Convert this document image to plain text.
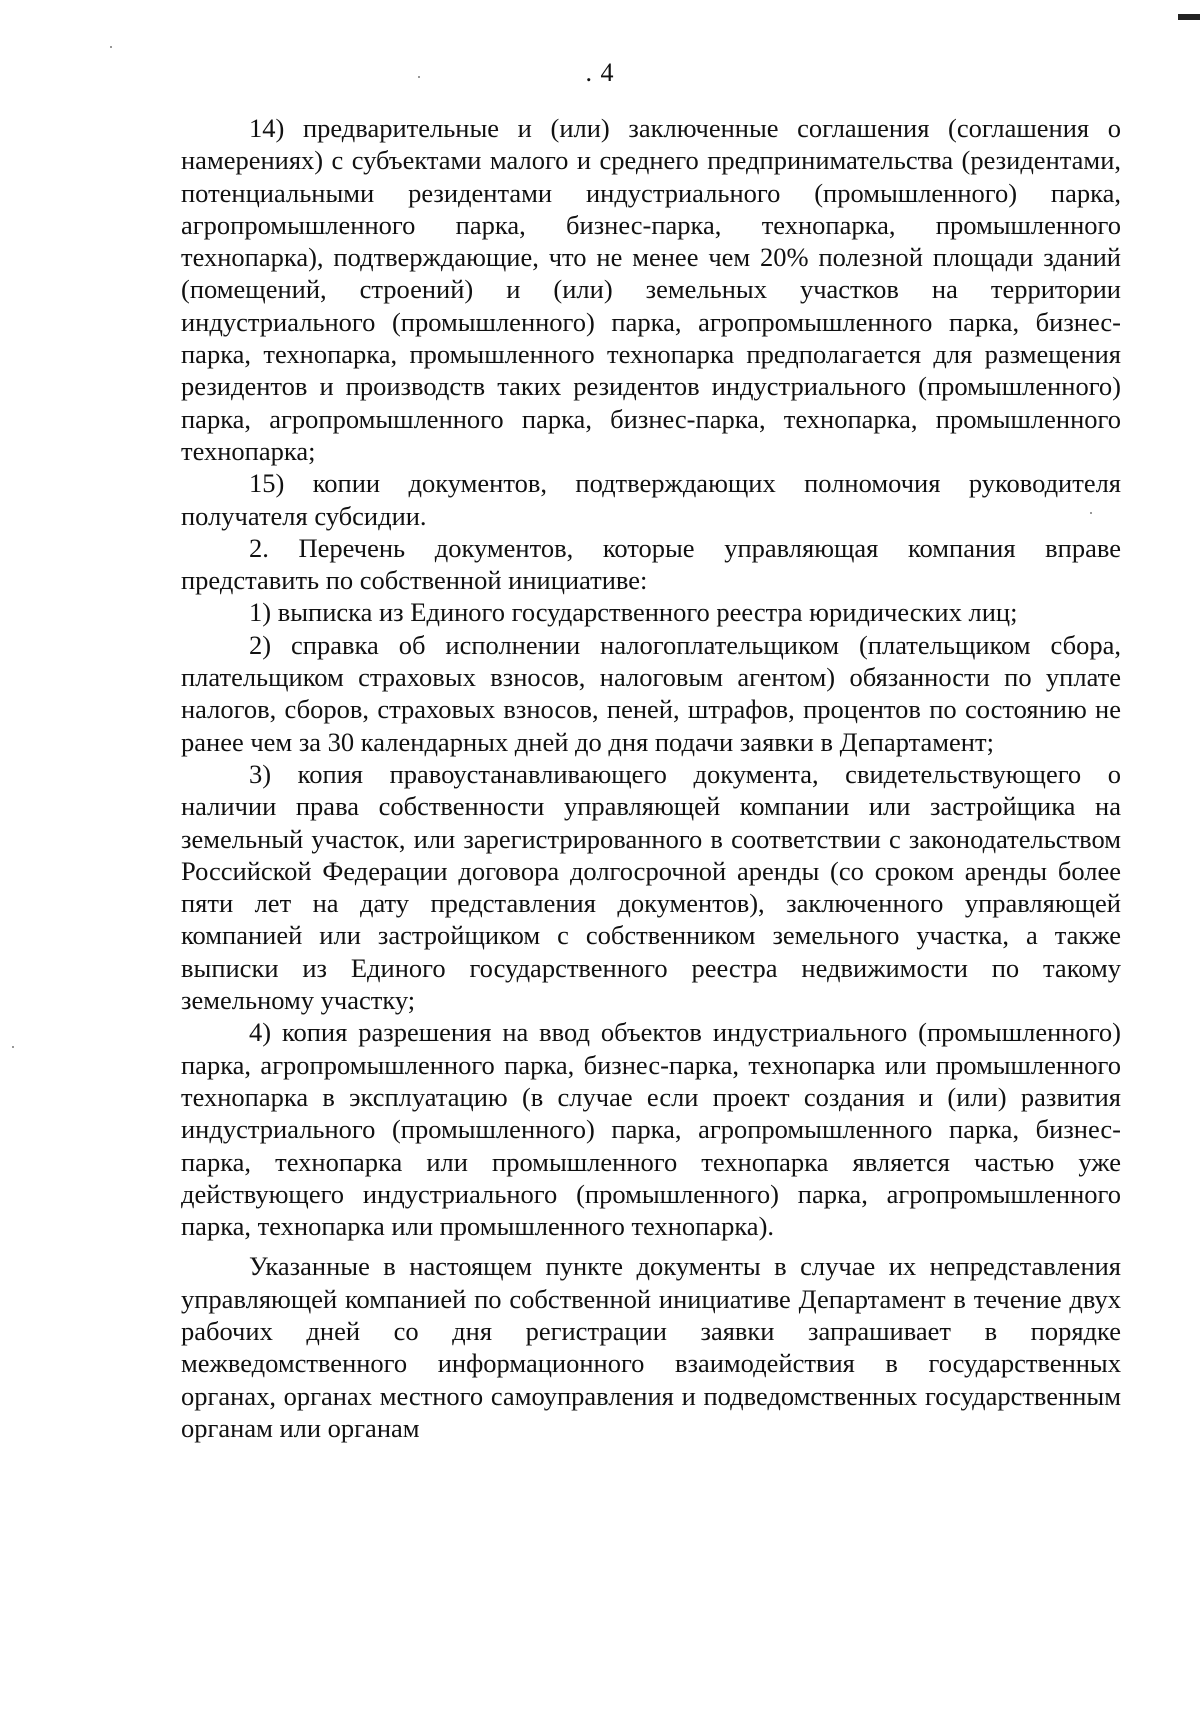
. 4

14) предварительные и (или) заключенные соглашения (соглашения о намерениях) с субъектами малого и среднего предпринимательства (резидентами, потенциальными резидентами индустриального (промышленного) парка, агропромышленного парка, бизнес-парка, технопарка, промышленного технопарка), подтверждающие, что не менее чем 20% полезной площади зданий (помещений, строений) и (или) земельных участков на территории индустриального (промышленного) парка, агропромышленного парка, бизнес-парка, технопарка, промышленного технопарка предполагается для размещения резидентов и производств таких резидентов индустриального (промышленного) парка, агропромышленного парка, бизнес-парка, технопарка, промышленного технопарка;

15) копии документов, подтверждающих полномочия руководителя получателя субсидии.

2. Перечень документов, которые управляющая компания вправе представить по собственной инициативе:

1) выписка из Единого государственного реестра юридических лиц;

2) справка об исполнении налогоплательщиком (плательщиком сбора, плательщиком страховых взносов, налоговым агентом) обязанности по уплате налогов, сборов, страховых взносов, пеней, штрафов, процентов по состоянию не ранее чем за 30 календарных дней до дня подачи заявки в Департамент;

3) копия правоустанавливающего документа, свидетельствующего о наличии права собственности управляющей компании или застройщика на земельный участок, или зарегистрированного в соответствии с законодательством Российской Федерации договора долгосрочной аренды (со сроком аренды более пяти лет на дату представления документов), заключенного управляющей компанией или застройщиком с собственником земельного участка, а также выписки из Единого государственного реестра недвижимости по такому земельному участку;

4) копия разрешения на ввод объектов индустриального (промышленного) парка, агропромышленного парка, бизнес-парка, технопарка или промышленного технопарка в эксплуатацию (в случае если проект создания и (или) развития индустриального (промышленного) парка, агропромышленного парка, бизнес-парка, технопарка или промышленного технопарка является частью уже действующего индустриального (промышленного) парка, агропромышленного парка, технопарка или промышленного технопарка).

Указанные в настоящем пункте документы в случае их непредставления управляющей компанией по собственной инициативе Департамент в течение двух рабочих дней со дня регистрации заявки запрашивает в порядке межведомственного информационного взаимодействия в государственных органах, органах местного самоуправления и подведомственных государственным органам или органам
